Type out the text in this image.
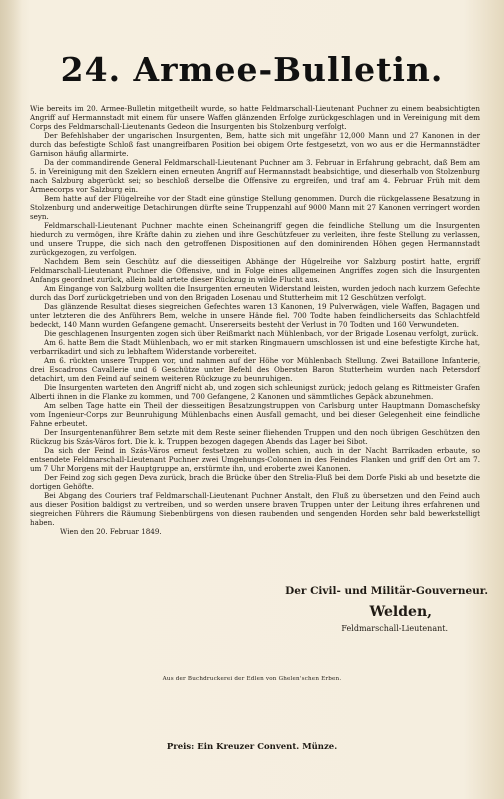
24. Armee-Bulletin.

Wie bereits im 20. Armee-Bulletin mitgetheilt wurde, so hatte Feldmarschall-Lieutenant Puchner zu einem beabsichtigten Angriff auf Hermannstadt mit einem für unsere Waffen glänzenden Erfolge zurückgeschlagen und in Vereinigung mit dem Corps des Feldmarschall-Lieutenants Gedeon die Insurgenten bis Stolzenburg verfolgt.

Der Befehlshaber der ungarischen Insurgenten, Bem, hatte sich mit ungefähr 12,000 Mann und 27 Kanonen in der durch das befestigte Schloß fast unangreifbaren Position bei obigem Orte festgesetzt, von wo aus er die Hermannstädter Garnison häufig allarmirte.

Da der commandirende General Feldmarschall-Lieutenant Puchner am 3. Februar in Erfahrung gebracht, daß Bem am 5. in Vereinigung mit den Szeklern einen erneuten Angriff auf Hermannstadt beabsichtige, und dieserhalb von Stolzenburg nach Salzburg abgerückt sei; so beschloß derselbe die Offensive zu ergreifen, und traf am 4. Februar Früh mit dem Armeecorps vor Salzburg ein.

Bem hatte auf der Flügelreihe vor der Stadt eine günstige Stellung genommen. Durch die rückgelassene Besatzung in Stolzenburg und anderweitige Detachirungen dürfte seine Truppenzahl auf 9000 Mann mit 27 Kanonen verringert worden seyn.

Feldmarschall-Lieutenant Puchner machte einen Scheinangriff gegen die feindliche Stellung um die Insurgenten hiedurch zu vermögen, ihre Kräfte dahin zu ziehen und ihre Geschützfeuer zu verleiten, ihre feste Stellung zu verlassen, und unsere Truppe, die sich nach den getroffenen Dispositionen auf den dominirenden Höhen gegen Hermannstadt zurückgezogen, zu verfolgen.

Nachdem Bem sein Geschütz auf die diesseitigen Abhänge der Hügelreihe vor Salzburg postirt hatte, ergriff Feldmarschall-Lieutenant Puchner die Offensive, und in Folge eines allgemeinen Angriffes zogen sich die Insurgenten Anfangs geordnet zurück, allein bald artete dieser Rückzug in wilde Flucht aus.

Am Eingange von Salzburg wollten die Insurgenten erneuten Widerstand leisten, wurden jedoch nach kurzem Gefechte durch das Dorf zurückgetrieben und von den Brigaden Losenau und Stutterheim mit 12 Geschützen verfolgt.

Das glänzende Resultat dieses siegreichen Gefechtes waren 13 Kanonen, 19 Pulverwägen, viele Waffen, Bagagen und unter letzteren die des Anführers Bem, welche in unsere Hände fiel. 700 Todte haben feindlicherseits das Schlachtfeld bedeckt, 140 Mann wurden Gefangene gemacht. Unsererseits besteht der Verlust in 70 Todten und 160 Verwundeten.

Die geschlagenen Insurgenten zogen sich über Reißmarkt nach Mühlenbach, vor der Brigade Losenau verfolgt, zurück.

Am 6. hatte Bem die Stadt Mühlenbach, wo er mit starken Ringmauern umschlossen ist und eine befestigte Kirche hat, verbarrikadirt und sich zu lebhaftem Widerstande vorbereitet.

Am 6. rückten unsere Truppen vor, und nahmen auf der Höhe vor Mühlenbach Stellung. Zwei Bataillone Infanterie, drei Escadrons Cavallerie und 6 Geschütze unter Befehl des Obersten Baron Stutterheim wurden nach Petersdorf detachirt, um den Feind auf seinem weiteren Rückzuge zu beunruhigen.

Die Insurgenten warteten den Angriff nicht ab, und zogen sich schleunigst zurück; jedoch gelang es Rittmeister Grafen Alberti ihnen in die Flanke zu kommen, und 700 Gefangene, 2 Kanonen und sämmtliches Gepäck abzunehmen.

Am selben Tage hatte ein Theil der diesseitigen Besatzungstruppen von Carlsburg unter Hauptmann Domaschefsky vom Ingenieur-Corps zur Beunruhigung Mühlenbachs einen Ausfall gemacht, und bei dieser Gelegenheit eine feindliche Fahne erbeutet.

Der Insurgentenanführer Bem setzte mit dem Reste seiner fliehenden Truppen und den noch übrigen Geschützen den Rückzug bis Szás-Város fort. Die k. k. Truppen bezogen dagegen Abends das Lager bei Sibot.

Da sich der Feind in Szás-Város erneut festsetzen zu wollen schien, auch in der Nacht Barrikaden erbaute, so entsendete Feldmarschall-Lieutenant Puchner zwei Umgehungs-Colonnen in des Feindes Flanken und griff den Ort am 7. um 7 Uhr Morgens mit der Hauptgruppe an, erstürmte ihn, und eroberte zwei Kanonen.

Der Feind zog sich gegen Deva zurück, brach die Brücke über den Strelia-Fluß bei dem Dorfe Piski ab und besetzte die dortigen Gehöfte.

Bei Abgang des Couriers traf Feldmarschall-Lieutenant Puchner Anstalt, den Fluß zu übersetzen und den Feind auch aus dieser Position baldigst zu vertreiben, und so werden unsere braven Truppen unter der Leitung ihres erfahrenen und siegreichen Führers die Räumung Siebenbürgens von diesen raubenden und sengenden Horden sehr bald bewerkstelligt haben.

Wien den 20. Februar 1849.

Der Civil- und Militär-Gouverneur.
Welden,
Feldmarschall-Lieutenant.
Aus der Buchdruckerei der Edlen von Ghelen'schen Erben.
Preis: Ein Kreuzer Convent. Münze.
